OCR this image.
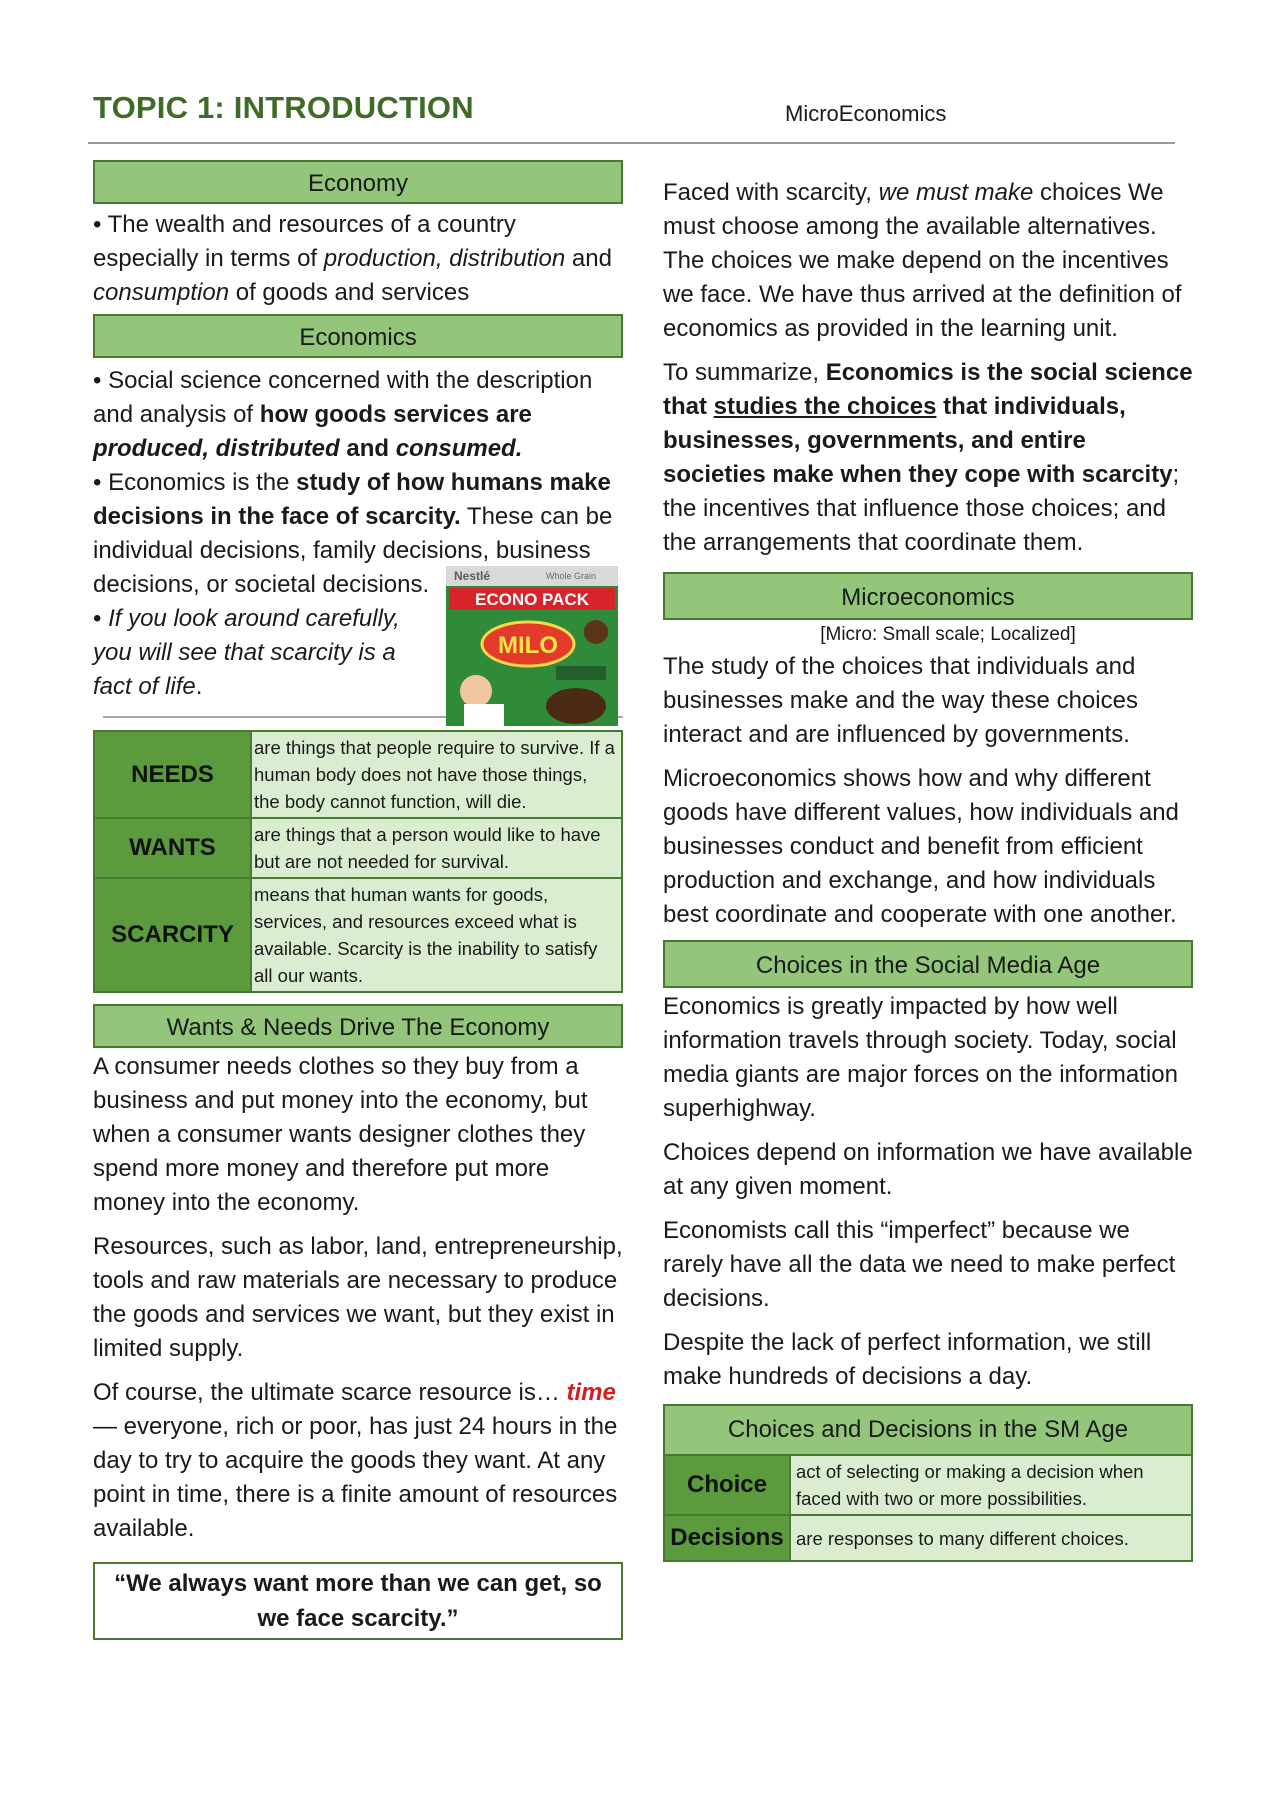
TOPIC 1: INTRODUCTION	MicroEconomics
Economy

• The wealth and resources of a country especially in terms of production, distribution and consumption of goods and services

Economics

• Social science concerned with the description and analysis of how goods services are produced, distributed and consumed.

• Economics is the study of how humans make decisions in the face of scarcity. These can be individual decisions, family decisions, business decisions, or societal decisions.

• If you look around carefully, you will see that scarcity is a fact of life.

Nestlé	Whole Grain
ECONO PACK
MILO
NEEDS	are things that people require to survive. If a human body does not have those things, the body cannot function, will die.
WANTS	are things that a person would like to have but are not needed for survival.
SCARCITY	means that human wants for goods, services, and resources exceed what is available. Scarcity is the inability to satisfy all our wants.
Wants & Needs Drive The Economy

A consumer needs clothes so they buy from a business and put money into the economy, but when a consumer wants designer clothes they spend more money and therefore put more money into the economy.

Resources, such as labor, land, entrepreneurship, tools and raw materials are necessary to produce the goods and services we want, but they exist in limited supply.

Of course, the ultimate scarce resource is… time — everyone, rich or poor, has just 24 hours in the day to try to acquire the goods they want. At any point in time, there is a finite amount of resources available.

“We always want more than we can get, so we face scarcity.”

Faced with scarcity, we must make choices We must choose among the available alternatives. The choices we make depend on the incentives we face. We have thus arrived at the definition of economics as provided in the learning unit.

To summarize, Economics is the social science that studies the choices that individuals, businesses, governments, and entire societies make when they cope with scarcity; the incentives that influence those choices; and the arrangements that coordinate them.

Microeconomics
[Micro: Small scale; Localized]

The study of the choices that individuals and businesses make and the way these choices interact and are influenced by governments.

Microeconomics shows how and why different goods have different values, how individuals and businesses conduct and benefit from efficient production and exchange, and how individuals best coordinate and cooperate with one another.

Choices in the Social Media Age

Economics is greatly impacted by how well information travels through society. Today, social media giants are major forces on the information superhighway.

Choices depend on information we have available at any given moment.

Economists call this “imperfect” because we rarely have all the data we need to make perfect decisions.

Despite the lack of perfect information, we still make hundreds of decisions a day.

Choices and Decisions in the SM Age	
Choice	act of selecting or making a decision when faced with two or more possibilities.
Decisions	are responses to many different choices.
